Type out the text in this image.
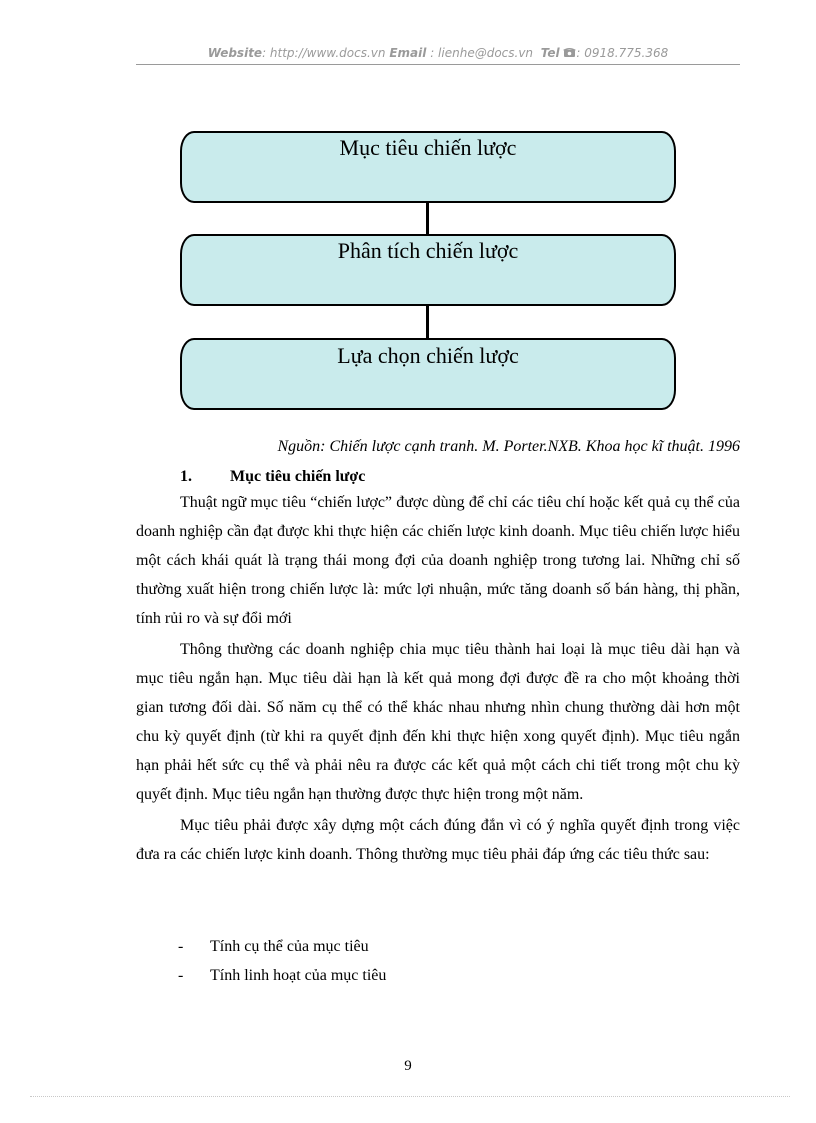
Website: http://www.docs.vn Email : lienhe@docs.vn Tel : 0918.775.368
Mục tiêu chiến lược
Phân tích chiến lược
Lựa chọn chiến lược
Nguồn: Chiến lược cạnh tranh. M. Porter.NXB. Khoa học kĩ thuật. 1996
1. Mục tiêu chiến lược

Thuật ngữ mục tiêu “chiến lược” được dùng để chỉ các tiêu chí hoặc kết quả cụ thể của doanh nghiệp cần đạt được khi thực hiện các chiến lược kinh doanh. Mục tiêu chiến lược hiểu một cách khái quát là trạng thái mong đợi của doanh nghiệp trong tương lai. Những chỉ số thường xuất hiện trong chiến lược là: mức lợi nhuận, mức tăng doanh số bán hàng, thị phần, tính rủi ro và sự đổi mới

Thông thường các doanh nghiệp chia mục tiêu thành hai loại là mục tiêu dài hạn và mục tiêu ngắn hạn. Mục tiêu dài hạn là kết quả mong đợi được đề ra cho một khoảng thời gian tương đối dài. Số năm cụ thể có thể khác nhau nhưng nhìn chung thường dài hơn một chu kỳ quyết định (từ khi ra quyết định đến khi thực hiện xong quyết định). Mục tiêu ngắn hạn phải hết sức cụ thể và phải nêu ra được các kết quả một cách chi tiết trong một chu kỳ quyết định. Mục tiêu ngắn hạn thường được thực hiện trong một năm.

Mục tiêu phải được xây dựng một cách đúng đắn vì có ý nghĩa quyết định trong việc đưa ra các chiến lược kinh doanh. Thông thường mục tiêu phải đáp ứng các tiêu thức sau:

- Tính cụ thể của mục tiêu
- Tính linh hoạt của mục tiêu
9
